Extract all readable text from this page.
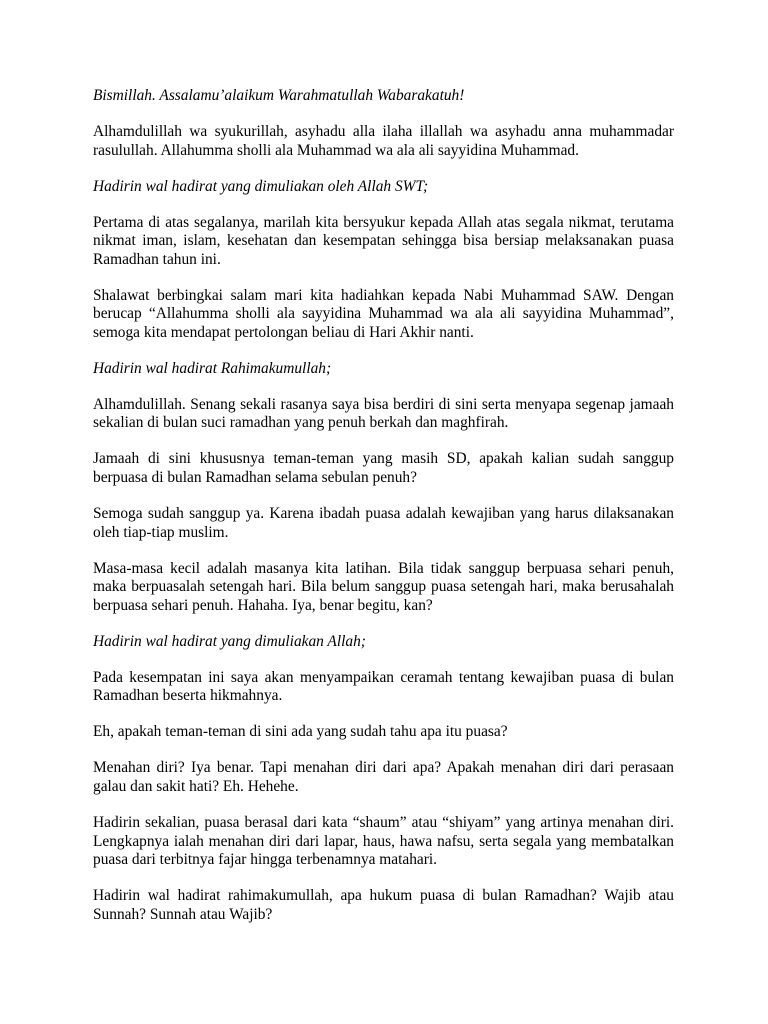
Bismillah. Assalamu’alaikum Warahmatullah Wabarakatuh!

Alhamdulillah wa syukurillah, asyhadu alla ilaha illallah wa asyhadu anna muhammadar rasulullah. Allahumma sholli ala Muhammad wa ala ali sayyidina Muhammad.

Hadirin wal hadirat yang dimuliakan oleh Allah SWT;

Pertama di atas segalanya, marilah kita bersyukur kepada Allah atas segala nikmat, terutama nikmat iman, islam, kesehatan dan kesempatan sehingga bisa bersiap melaksanakan puasa Ramadhan tahun ini.

Shalawat berbingkai salam mari kita hadiahkan kepada Nabi Muhammad SAW. Dengan berucap “Allahumma sholli ala sayyidina Muhammad wa ala ali sayyidina Muhammad”, semoga kita mendapat pertolongan beliau di Hari Akhir nanti.

Hadirin wal hadirat Rahimakumullah;

Alhamdulillah. Senang sekali rasanya saya bisa berdiri di sini serta menyapa segenap jamaah sekalian di bulan suci ramadhan yang penuh berkah dan maghfirah.

Jamaah di sini khususnya teman-teman yang masih SD, apakah kalian sudah sanggup berpuasa di bulan Ramadhan selama sebulan penuh?

Semoga sudah sanggup ya. Karena ibadah puasa adalah kewajiban yang harus dilaksanakan oleh tiap-tiap muslim.

Masa-masa kecil adalah masanya kita latihan. Bila tidak sanggup berpuasa sehari penuh, maka berpuasalah setengah hari. Bila belum sanggup puasa setengah hari, maka berusahalah berpuasa sehari penuh. Hahaha. Iya, benar begitu, kan?

Hadirin wal hadirat yang dimuliakan Allah;

Pada kesempatan ini saya akan menyampaikan ceramah tentang kewajiban puasa di bulan Ramadhan beserta hikmahnya.

Eh, apakah teman-teman di sini ada yang sudah tahu apa itu puasa?

Menahan diri? Iya benar. Tapi menahan diri dari apa? Apakah menahan diri dari perasaan galau dan sakit hati? Eh. Hehehe.

Hadirin sekalian, puasa berasal dari kata “shaum” atau “shiyam” yang artinya menahan diri. Lengkapnya ialah menahan diri dari lapar, haus, hawa nafsu, serta segala yang membatalkan puasa dari terbitnya fajar hingga terbenamnya matahari.

Hadirin wal hadirat rahimakumullah, apa hukum puasa di bulan Ramadhan? Wajib atau Sunnah? Sunnah atau Wajib?
